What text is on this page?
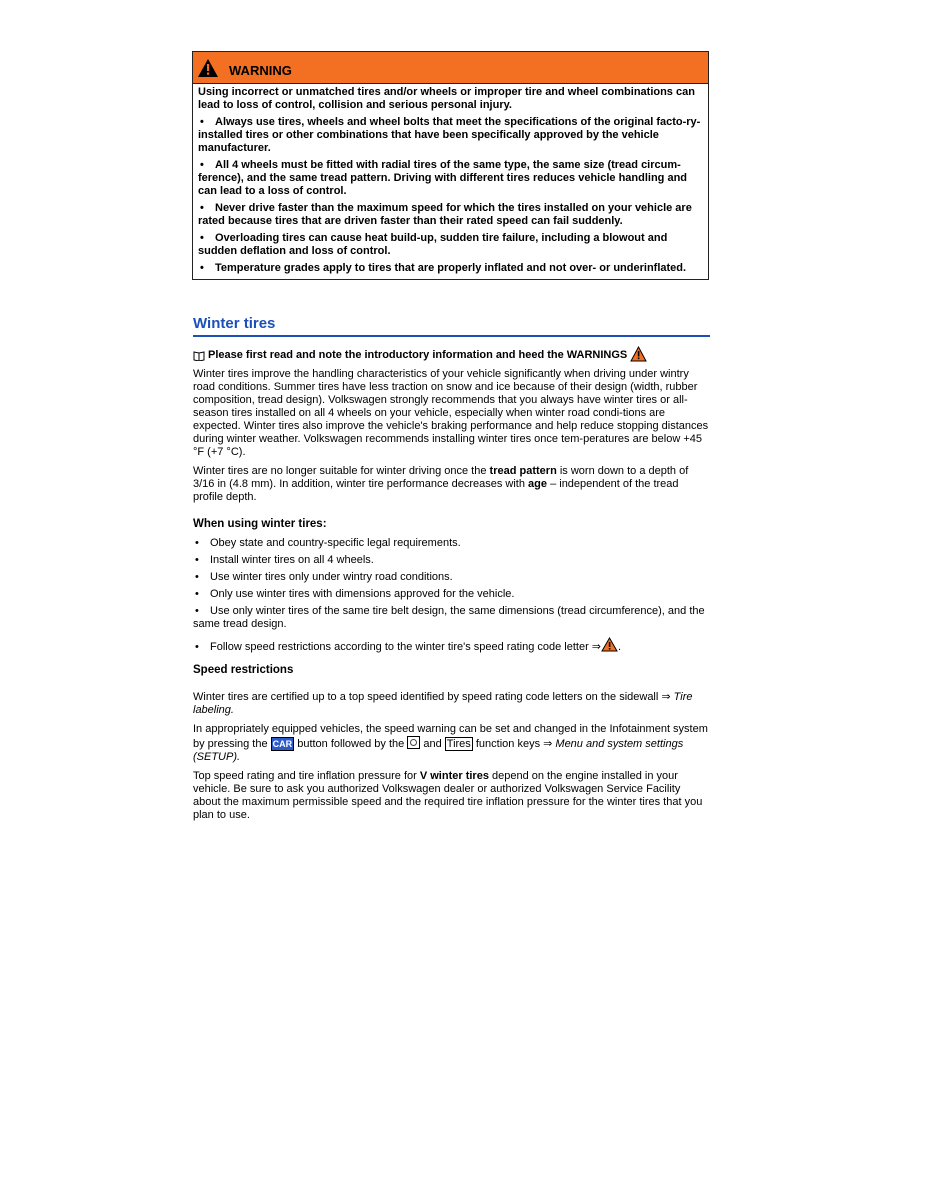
WARNING

Using incorrect or unmatched tires and/or wheels or improper tire and wheel combinations can lead to loss of control, collision and serious personal injury.

• Always use tires, wheels and wheel bolts that meet the specifications of the original facto-ry-installed tires or other combinations that have been specifically approved by the vehicle manufacturer.

• All 4 wheels must be fitted with radial tires of the same type, the same size (tread circum-ference), and the same tread pattern. Driving with different tires reduces vehicle handling and can lead to a loss of control.

• Never drive faster than the maximum speed for which the tires installed on your vehicle are rated because tires that are driven faster than their rated speed can fail suddenly.

• Overloading tires can cause heat build-up, sudden tire failure, including a blowout and sudden deflation and loss of control.

• Temperature grades apply to tires that are properly inflated and not over- or underinflated.

Winter tires
Please first read and note the introductory information and heed the WARNINGS

Winter tires improve the handling characteristics of your vehicle significantly when driving under wintry road conditions. Summer tires have less traction on snow and ice because of their design (width, rubber composition, tread design). Volkswagen strongly recommends that you always have winter tires or all-season tires installed on all 4 wheels on your vehicle, especially when winter road condi-tions are expected. Winter tires also improve the vehicle's braking performance and help reduce stopping distances during winter weather. Volkswagen recommends installing winter tires once tem-peratures are below +45 °F (+7 °C).

Winter tires are no longer suitable for winter driving once the tread pattern is worn down to a depth of 3/16 in (4.8 mm). In addition, winter tire performance decreases with age – independent of the tread profile depth.

When using winter tires:

• Obey state and country-specific legal requirements.
• Install winter tires on all 4 wheels.
• Use winter tires only under wintry road conditions.
• Only use winter tires with dimensions approved for the vehicle.
• Use only winter tires of the same tire belt design, the same dimensions (tread circumference), and the same tread design.
• Follow speed restrictions according to the winter tire's speed rating code letter ⇒ .

Speed restrictions

Winter tires are certified up to a top speed identified by speed rating code letters on the sidewall ⇒ Tire labeling.

In appropriately equipped vehicles, the speed warning can be set and changed in the Infotainment system by pressing the CAR button followed by the  and Tires function keys ⇒ Menu and system settings (SETUP).

Top speed rating and tire inflation pressure for V winter tires depend on the engine installed in your vehicle. Be sure to ask you authorized Volkswagen dealer or authorized Volkswagen Service Facility about the maximum permissible speed and the required tire inflation pressure for the winter tires that you plan to use.
